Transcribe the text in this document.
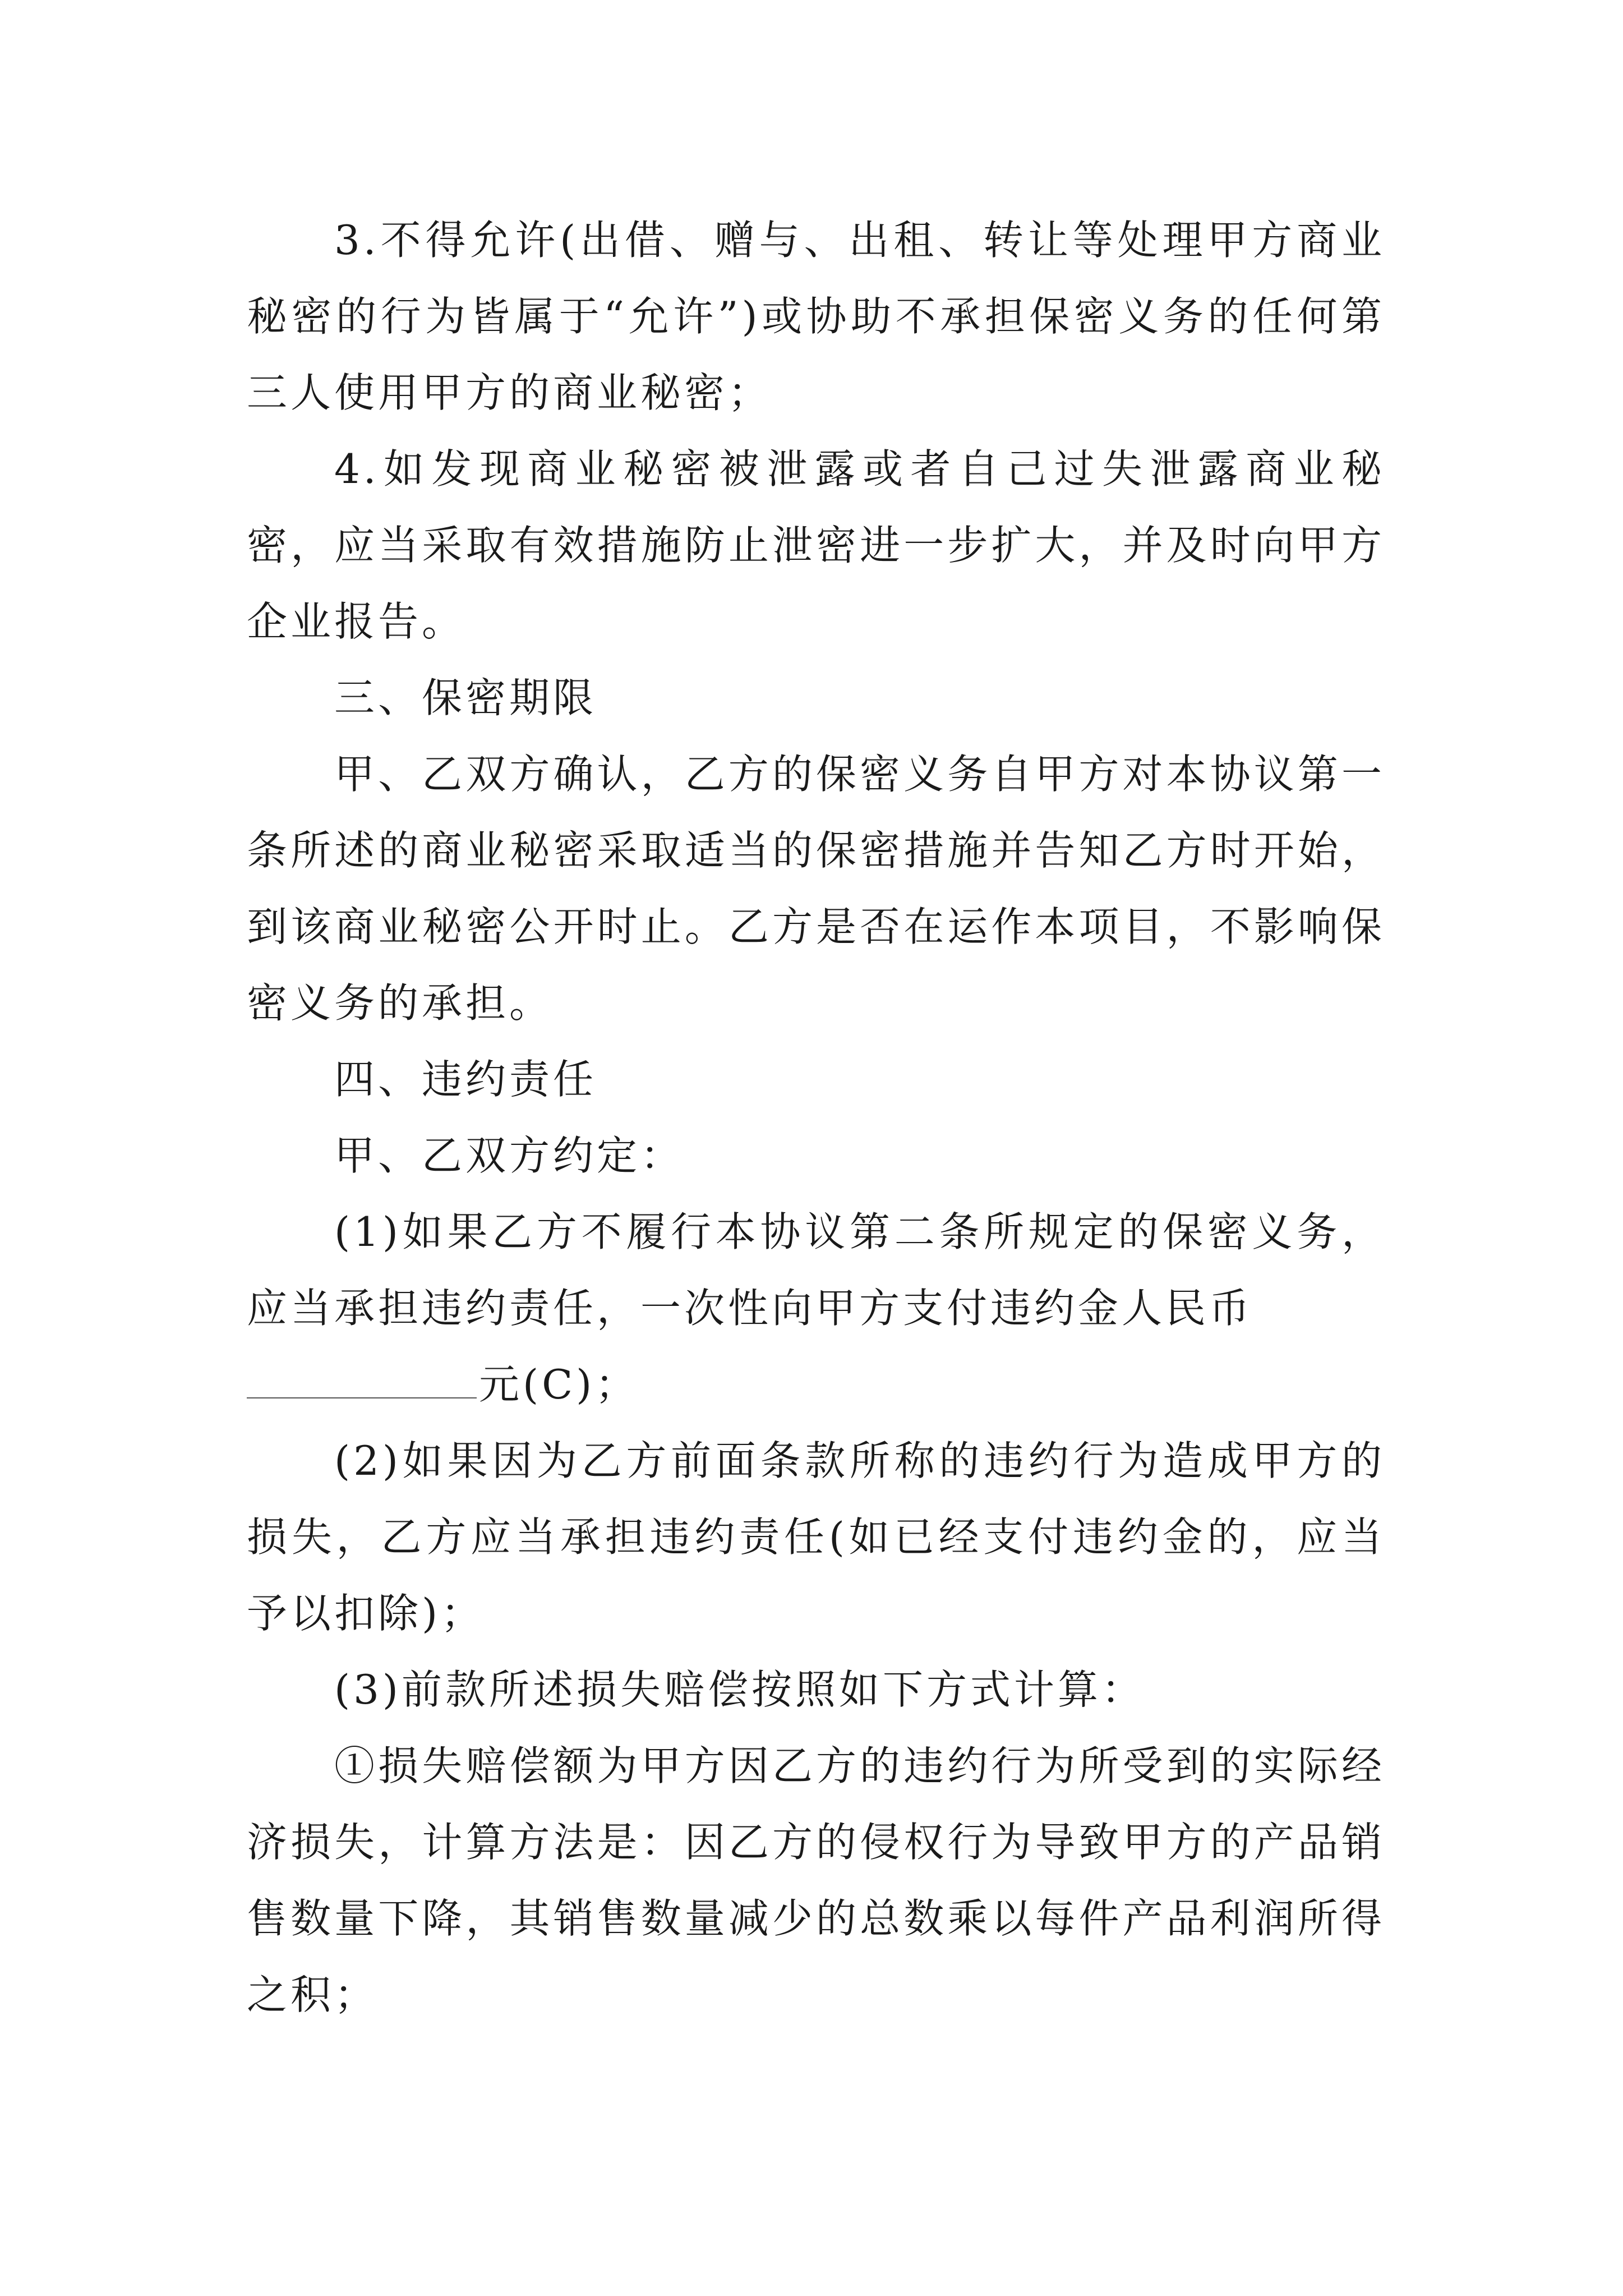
3.不得允许(出借、赠与、出租、转让等处理甲方商业秘密的行为皆属于“允许”)或协助不承担保密义务的任何第三人使用甲方的商业秘密；

4.如发现商业秘密被泄露或者自己过失泄露商业秘密，应当采取有效措施防止泄密进一步扩大，并及时向甲方企业报告。

三、保密期限

甲、乙双方确认，乙方的保密义务自甲方对本协议第一条所述的商业秘密采取适当的保密措施并告知乙方时开始，到该商业秘密公开时止。乙方是否在运作本项目，不影响保密义务的承担。

四、违约责任

甲、乙双方约定：

(1)如果乙方不履行本协议第二条所规定的保密义务，应当承担违约责任，一次性向甲方支付违约金人民币
元(C)；

(2)如果因为乙方前面条款所称的违约行为造成甲方的损失，乙方应当承担违约责任(如已经支付违约金的，应当予以扣除)；

(3)前款所述损失赔偿按照如下方式计算：

①损失赔偿额为甲方因乙方的违约行为所受到的实际经济损失，计算方法是：因乙方的侵权行为导致甲方的产品销售数量下降，其销售数量减少的总数乘以每件产品利润所得之积；
